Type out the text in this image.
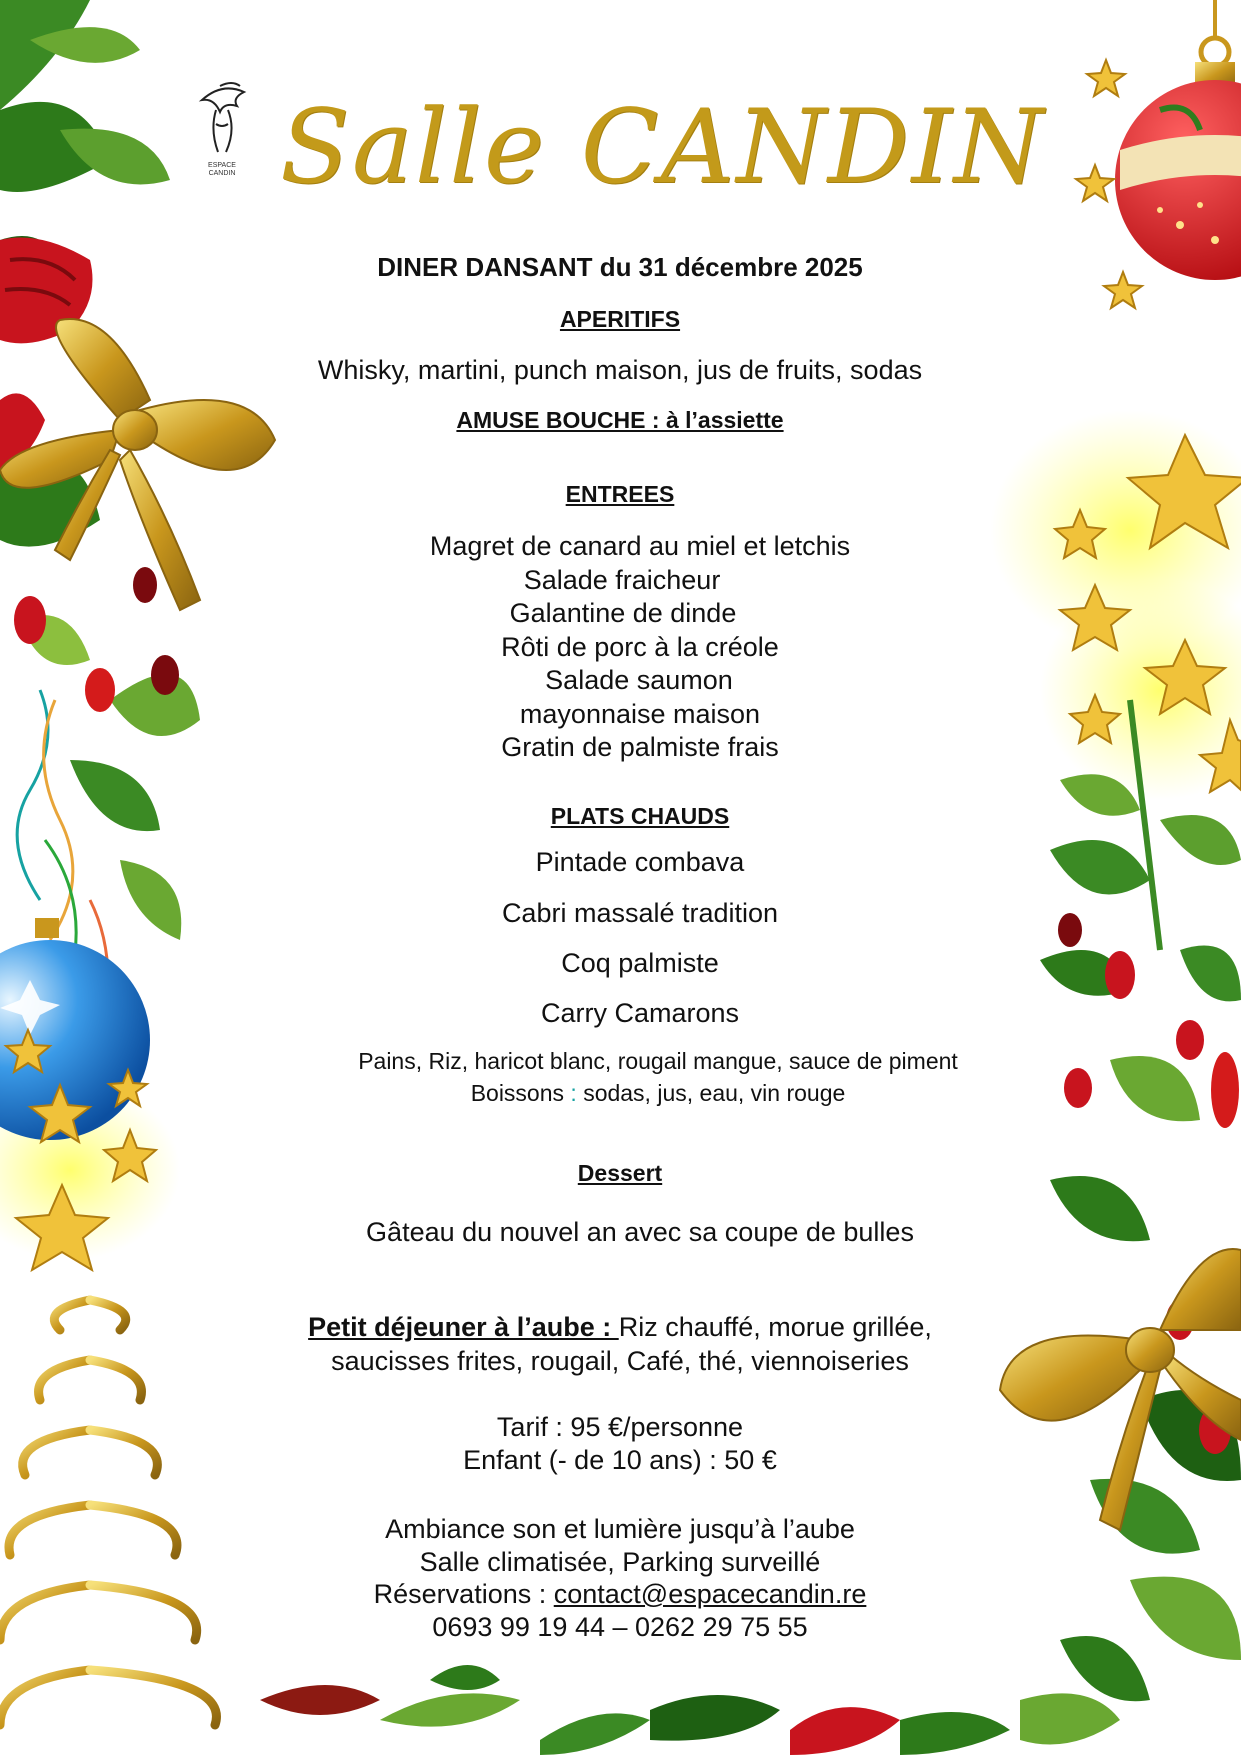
ESPACE
CANDIN Salle CANDIN
DINER DANSANT du 31 décembre 2025
APERITIFS
Whisky, martini, punch maison, jus de fruits, sodas
AMUSE BOUCHE : à l’assiette
ENTREES
Magret de canard au miel et letchis
Salade fraicheur
Galantine de dinde
Rôti de porc à la créole
Salade saumon
mayonnaise maison
Gratin de palmiste frais
PLATS CHAUDS
Pintade combava
Cabri massalé tradition
Coq palmiste
Carry Camarons
Pains, Riz, haricot blanc, rougail mangue, sauce de piment
Boissons : sodas, jus, eau, vin rouge
Dessert
Gâteau du nouvel an avec sa coupe de bulles
Petit déjeuner à l’aube : Riz chauffé, morue grillée,
saucisses frites, rougail, Café, thé, viennoiseries
Tarif : 95 €/personne
Enfant (- de 10 ans) : 50 €
Ambiance son et lumière jusqu’à l’aube
Salle climatisée, Parking surveillé
Réservations : contact@espacecandin.re
0693 99 19 44 – 0262 29 75 55
